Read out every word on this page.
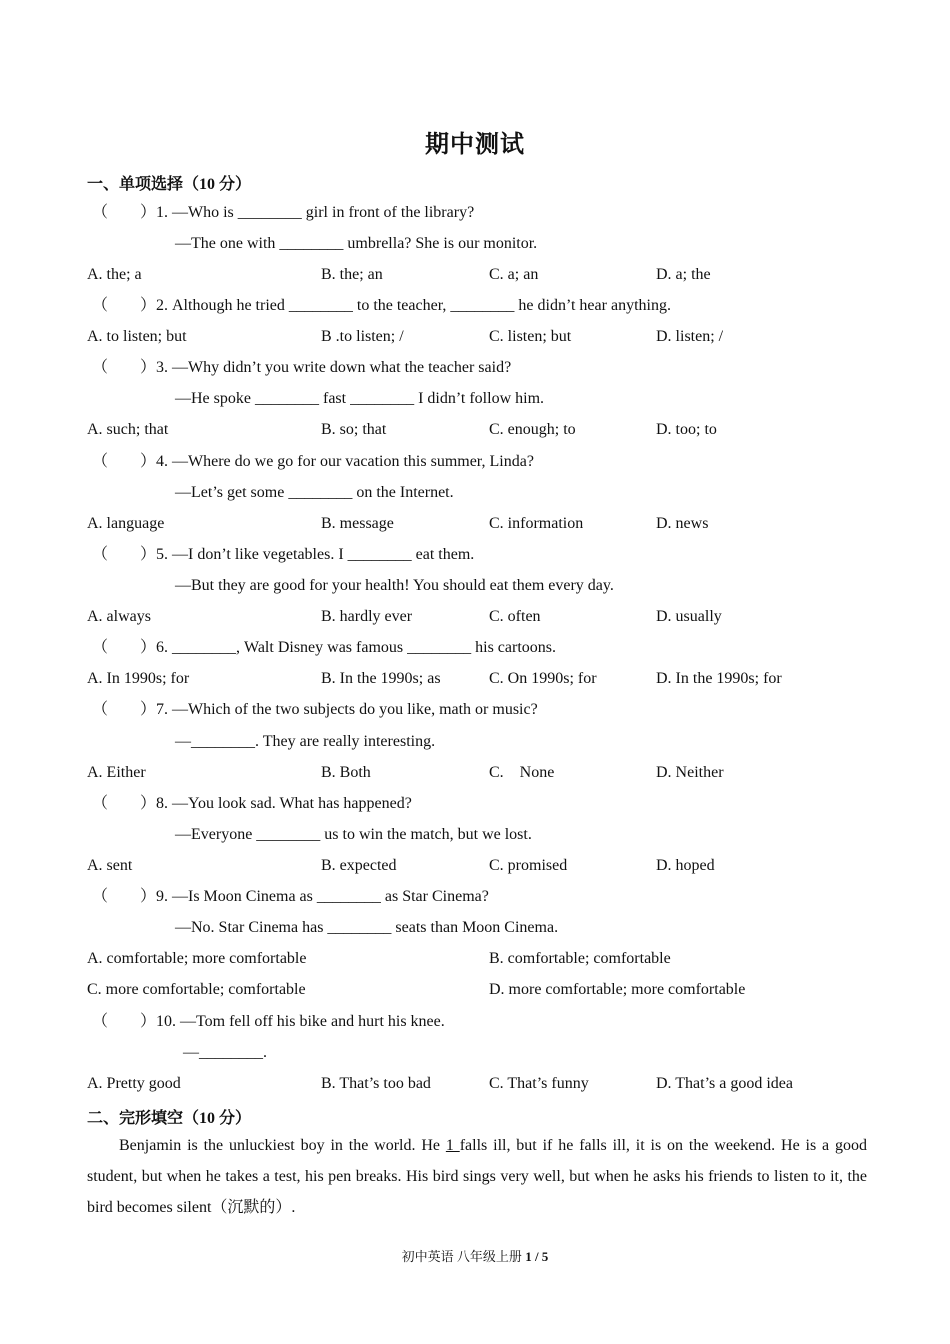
期中测试
一、单项选择（10 分）
（　　）1. —Who is ________ girl in front of the library?
—The one with ________ umbrella? She is our monitor.
A. the; a	B. the; an	C. a; an	D. a; the
（　　）2. Although he tried ________ to the teacher, ________ he didn’t hear anything.
A. to listen; but	B .to listen; /	C. listen; but	D. listen; /
（　　）3. —Why didn’t you write down what the teacher said?
—He spoke ________ fast ________ I didn’t follow him.
A. such; that	B. so; that	C. enough; to	D. too; to
（　　）4. —Where do we go for our vacation this summer, Linda?
—Let’s get some ________ on the Internet.
A. language	B. message	C. information	D. news
（　　）5. —I don’t like vegetables. I ________ eat them.
—But they are good for your health! You should eat them every day.
A. always	B. hardly ever	C. often	D. usually
（　　）6. ________, Walt Disney was famous ________ his cartoons.
A. In 1990s; for	B. In the 1990s; as	C. On 1990s; for	D. In the 1990s; for
（　　）7. —Which of the two subjects do you like, math or music?
—________. They are really interesting.
A. Either	B. Both	C.　None	D. Neither
（　　）8. —You look sad. What has happened?
—Everyone ________ us to win the match, but we lost.
A. sent	B. expected	C. promised	D. hoped
（　　）9. —Is Moon Cinema as ________ as Star Cinema?
—No. Star Cinema has ________ seats than Moon Cinema.
A. comfortable; more comfortable	B. comfortable; comfortable
C. more comfortable; comfortable	D. more comfortable; more comfortable
（　　）10. —Tom fell off his bike and hurt his knee.
—________.
A. Pretty good	B. That’s too bad	C. That’s funny	D. That’s a good idea
二、完形填空（10 分）
Benjamin is the unluckiest boy in the world. He 1 falls ill, but if he falls ill, it is on the weekend. He is a good student, but when he takes a test, his pen breaks. His bird sings very well, but when he asks his friends to listen to it, the bird becomes silent（沉默的）.
初中英语 八年级上册 1 / 5
